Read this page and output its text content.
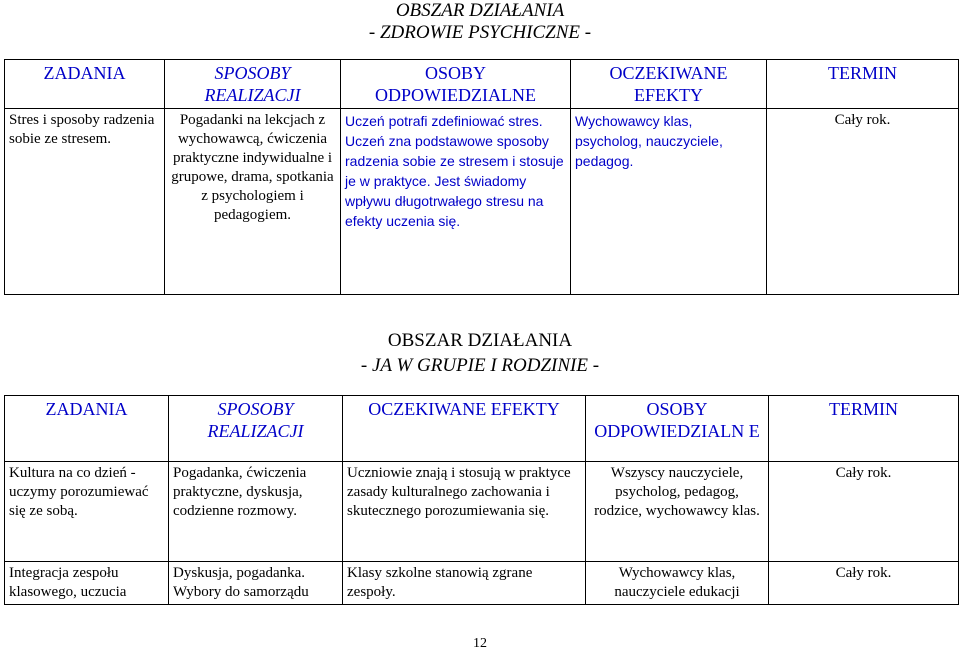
OBSZAR DZIAŁANIA
- ZDROWIE PSYCHICZNE -
ZADANIA	SPOSOBY REALIZACJI	OSOBY ODPOWIEDZIALNE	OCZEKIWANE EFEKTY	TERMIN
Stres i sposoby radzenia sobie ze stresem.	Pogadanki na lekcjach z wychowawcą, ćwiczenia praktyczne indywidualne i grupowe, drama, spotkania z psychologiem i pedagogiem.	Uczeń potrafi zdefiniować stres. Uczeń zna podstawowe sposoby radzenia sobie ze stresem i stosuje je w praktyce. Jest świadomy wpływu długotrwałego stresu na efekty uczenia się.	Wychowawcy klas, psycholog, nauczyciele, pedagog.	Cały rok.
OBSZAR DZIAŁANIA
- JA W GRUPIE I RODZINIE -
ZADANIA	SPOSOBY REALIZACJI	OCZEKIWANE EFEKTY	OSOBY ODPOWIEDZIALN E	TERMIN
Kultura na co dzień - uczymy porozumiewać się ze sobą.	Pogadanka, ćwiczenia praktyczne, dyskusja, codzienne rozmowy.	Uczniowie znają i stosują w praktyce zasady kulturalnego zachowania i skutecznego porozumiewania się.	Wszyscy nauczyciele, psycholog, pedagog, rodzice, wychowawcy klas.	Cały rok.
Integracja zespołu klasowego, uczucia	Dyskusja, pogadanka. Wybory do samorządu	Klasy szkolne stanowią zgrane zespoły.	Wychowawcy klas, nauczyciele edukacji	Cały rok.
12
